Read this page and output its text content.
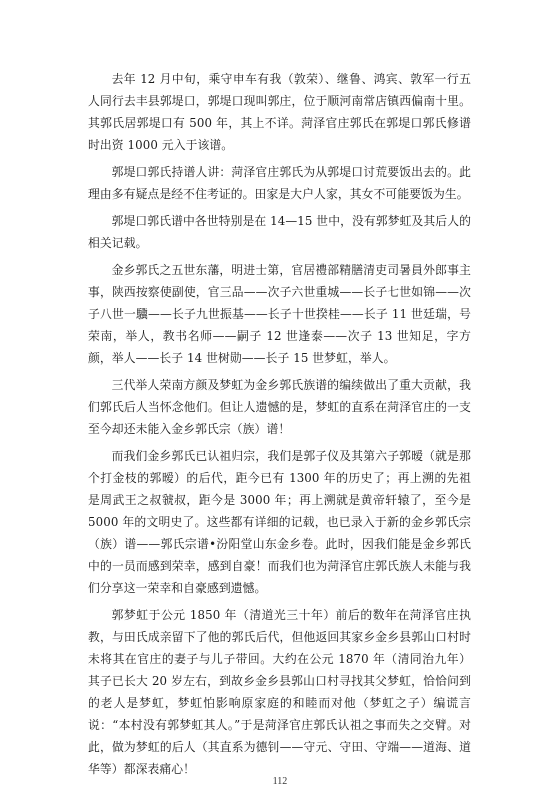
去年 12 月中旬，乘守申车有我（敦荣）、继鲁、鸿宾、敦军一行五人同行去丰县郭堤口，郭堤口现叫郭庄，位于顺河南常店镇西偏南十里。其郭氏居郭堤口有 500 年，其上不详。菏泽官庄郭氏在郭堤口郭氏修谱时出资 1000 元入于该谱。

郭堤口郭氏持谱人讲：菏泽官庄郭氏为从郭堤口讨荒要饭出去的。此理由多有疑点是经不住考证的。田家是大户人家，其女不可能要饭为生。

郭堤口郭氏谱中各世特别是在 14—15 世中，没有郭梦虹及其后人的相关记载。

金乡郭氏之五世东藩，明进士第，官居禮部精膳清吏司暑員外郎事主事，陕西按察使副使，官三品——次子六世重城——长子七世如锦——次子八世一驥——长子九世振基——长子十世揆桂——长子 11 世廷瑞，号荣南，举人，教书名师——嗣子 12 世逢泰——次子 13 世知足，字方颜，举人——长子 14 世树勋——长子 15 世梦虹，举人。

三代举人荣南方颜及梦虹为金乡郭氏族谱的编续做出了重大贡献，我们郭氏后人当怀念他们。但让人遗憾的是，梦虹的直系在菏泽官庄的一支至今却还未能入金乡郭氏宗（族）谱！

而我们金乡郭氏已认祖归宗，我们是郭子仪及其第六子郭暧（就是那个打金枝的郭暧）的后代，距今已有 1300 年的历史了；再上溯的先祖是周武王之叔虢叔，距今是 3000 年；再上溯就是黄帝轩辕了，至今是 5000 年的文明史了。这些都有详细的记载，也已录入于新的金乡郭氏宗（族）谱——郭氏宗谱•汾阳堂山东金乡卷。此时，因我们能是金乡郭氏中的一员而感到荣幸，感到自豪！而我们也为菏泽官庄郭氏族人未能与我们分享这一荣幸和自豪感到遗憾。

郭梦虹于公元 1850 年（清道光三十年）前后的数年在菏泽官庄执教，与田氏成亲留下了他的郭氏后代，但他返回其家乡金乡县郭山口村时未将其在官庄的妻子与儿子带回。大约在公元 1870 年（清同治九年）其子已长大 20 岁左右，到故乡金乡县郭山口村寻找其父梦虹，恰恰问到的老人是梦虹，梦虹怕影响原家庭的和睦而对他（梦虹之子）编谎言说：“本村没有郭梦虹其人。”于是菏泽官庄郭氏认祖之事而失之交臂。对此，做为梦虹的后人（其直系为德钊——守元、守田、守端——道海、道华等）都深表痛心！

112
